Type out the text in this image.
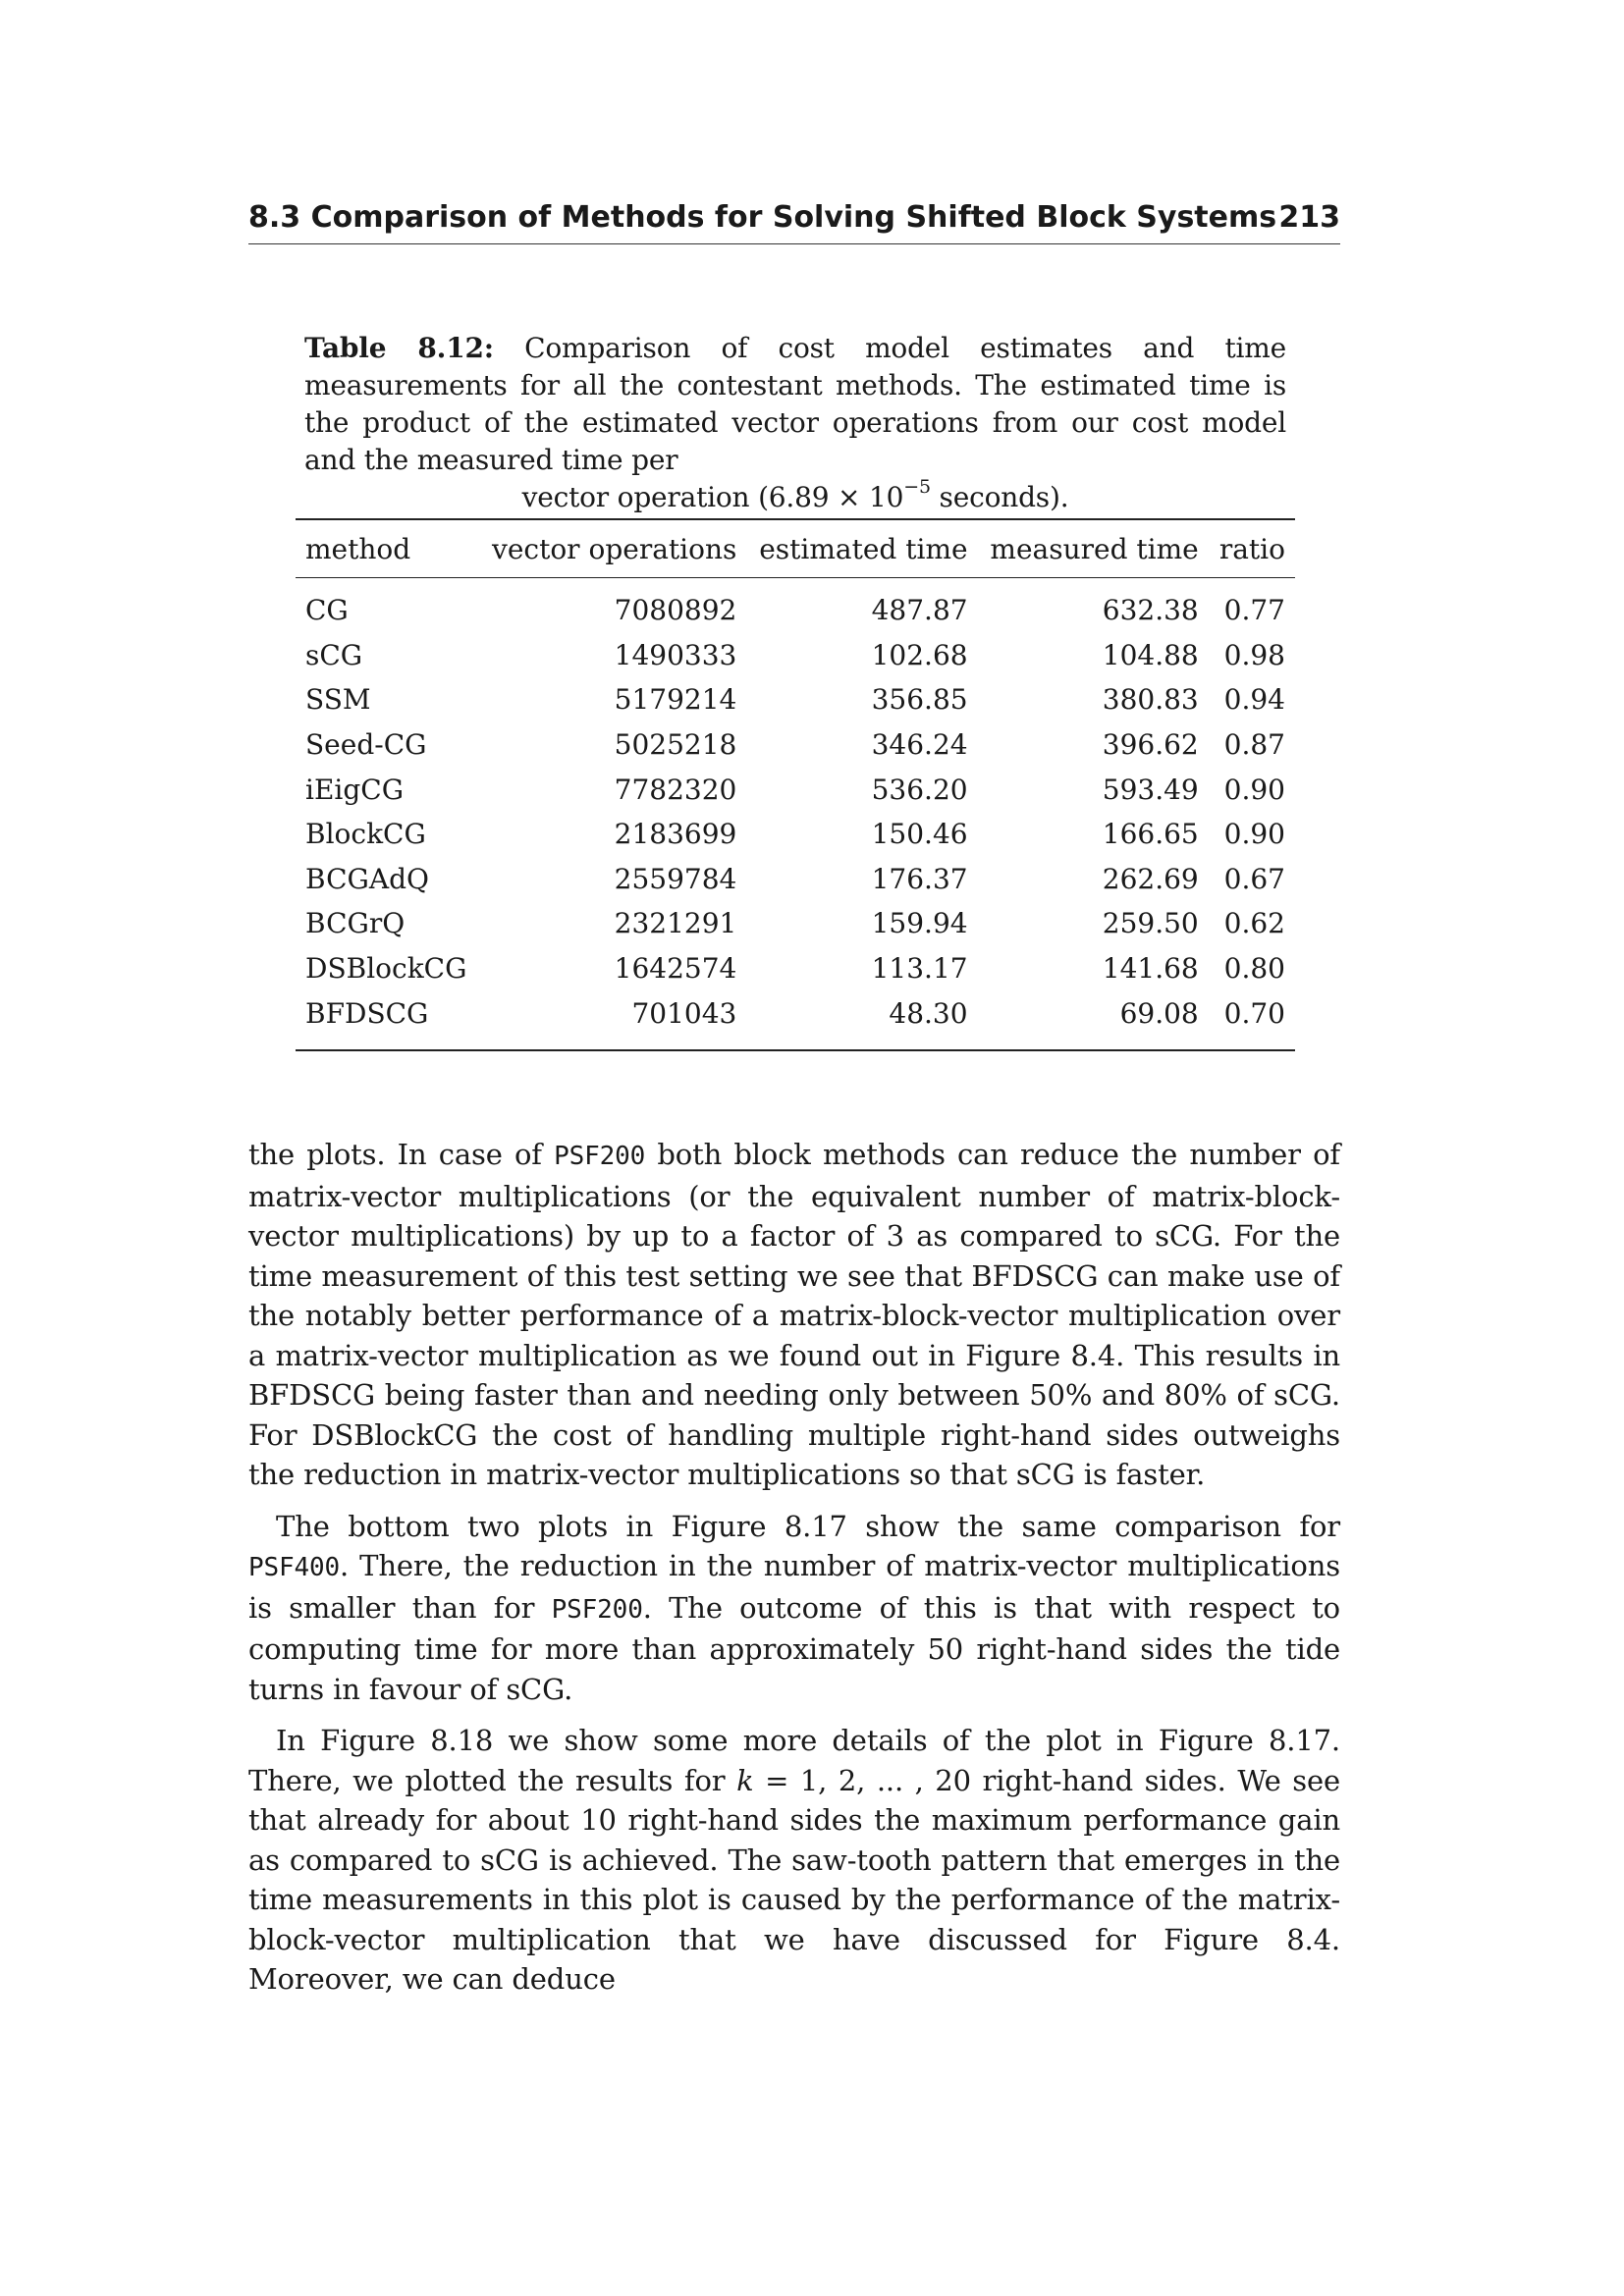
8.3 Comparison of Methods for Solving Shifted Block Systems 213
Table 8.12: Comparison of cost model estimates and time measurements for all the contestant methods. The estimated time is the product of the estimated vector operations from our cost model and the measured time per
vector operation ($6.89 \times 10^{-5}$ seconds).
method	vector operations	estimated time	measured time	ratio
CG	7080892	487.87	632.38	0.77
sCG	1490333	102.68	104.88	0.98
SSM	5179214	356.85	380.83	0.94
Seed-CG	5025218	346.24	396.62	0.87
iEigCG	7782320	536.20	593.49	0.90
BlockCG	2183699	150.46	166.65	0.90
BCGAdQ	2559784	176.37	262.69	0.67
BCGrQ	2321291	159.94	259.50	0.62
DSBlockCG	1642574	113.17	141.68	0.80
BFDSCG	701043	48.30	69.08	0.70

the plots. In case of PSF200 both block methods can reduce the number of matrix-vector multiplications (or the equivalent number of matrix-block-vector multiplications) by up to a factor of 3 as compared to sCG. For the time measurement of this test setting we see that BFDSCG can make use of the notably better performance of a matrix-block-vector multiplication over a matrix-vector multiplication as we found out in Figure 8.4. This results in BFDSCG being faster than and needing only between 50% and 80% of sCG. For DSBlockCG the cost of handling multiple right-hand sides outweighs the reduction in matrix-vector multiplications so that sCG is faster.

The bottom two plots in Figure 8.17 show the same comparison for PSF400. There, the reduction in the number of matrix-vector multiplications is smaller than for PSF200. The outcome of this is that with respect to computing time for more than approximately 50 right-hand sides the tide turns in favour of sCG.

In Figure 8.18 we show some more details of the plot in Figure 8.17. There, we plotted the results for k = 1, 2, ... , 20 right-hand sides. We see that already for about 10 right-hand sides the maximum performance gain as compared to sCG is achieved. The saw-tooth pattern that emerges in the time measurements in this plot is caused by the performance of the matrix-block-vector multiplication that we have discussed for Figure 8.4. Moreover, we can deduce
